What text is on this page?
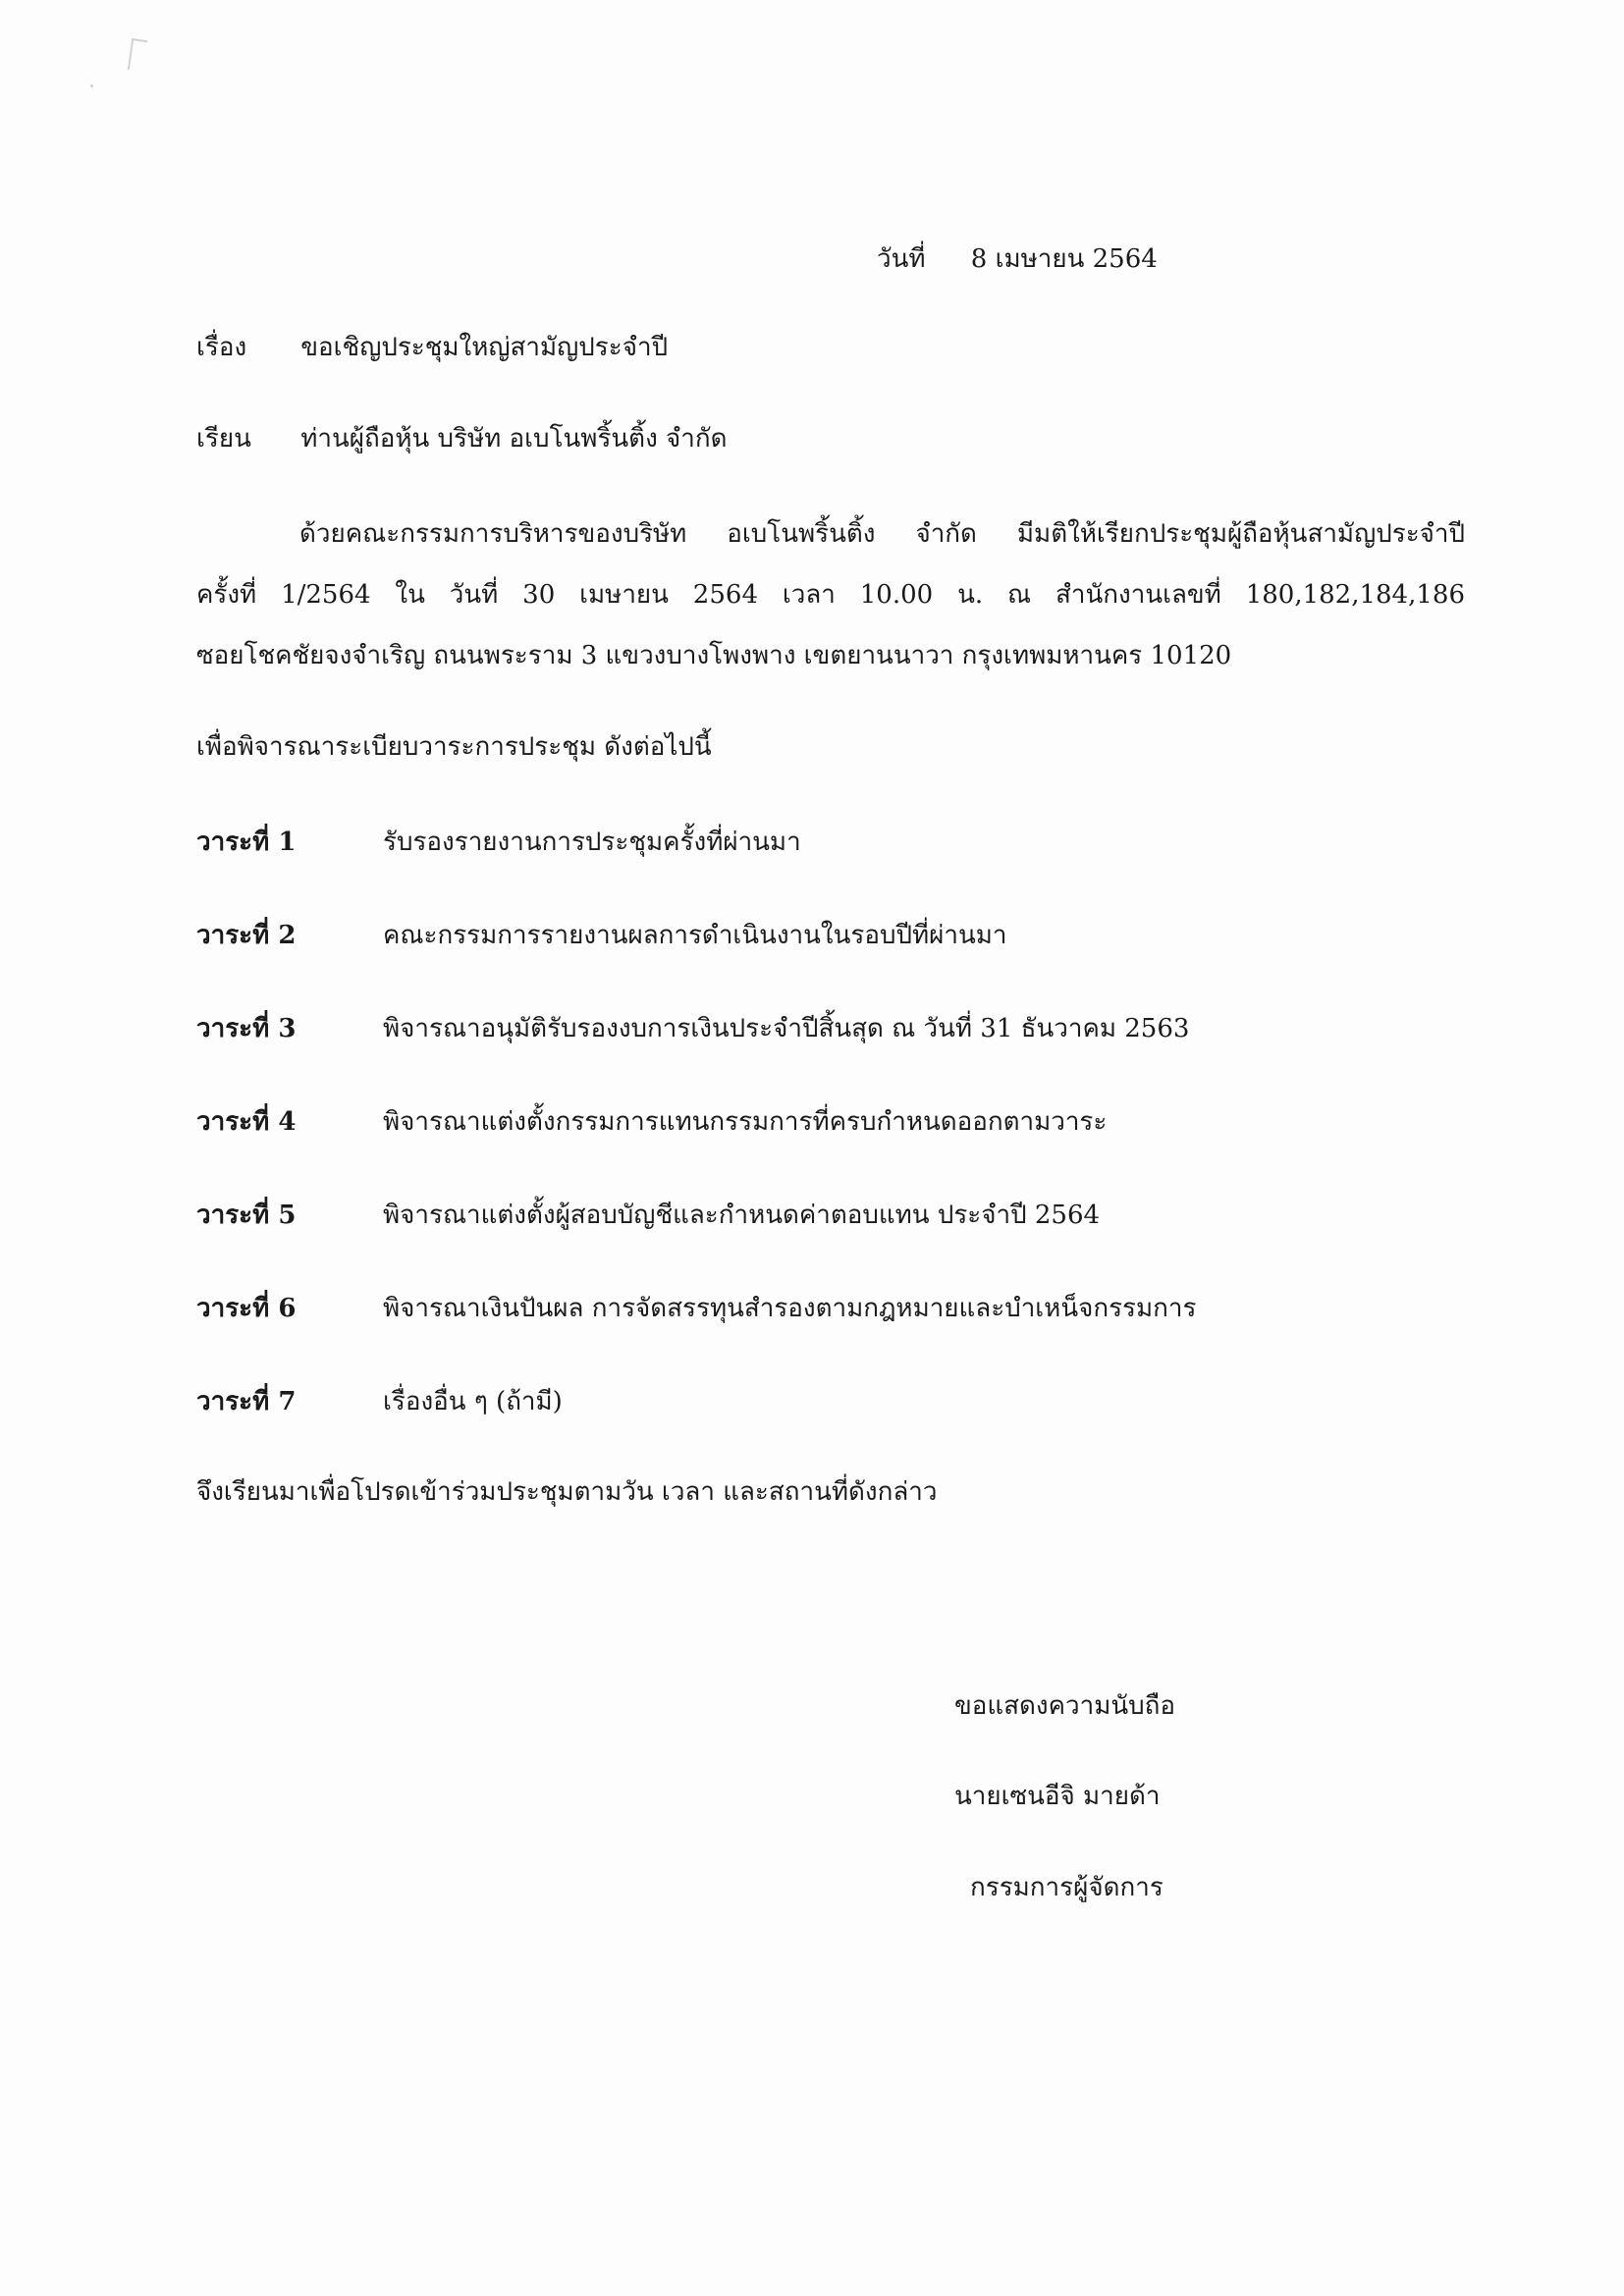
วันที่ 8 เมษายน 2564
เรื่อง ขอเชิญประชุมใหญ่สามัญประจำปี
เรียน ท่านผู้ถือหุ้น บริษัท อเบโนพริ้นติ้ง จำกัด
ด้วยคณะกรรมการบริหารของบริษัท อเบโนพริ้นติ้ง จำกัด มีมติให้เรียกประชุมผู้ถือหุ้นสามัญประจำปี
ครั้งที่ 1/2564 ใน วันที่ 30 เมษายน 2564 เวลา 10.00 น. ณ สำนักงานเลขที่ 180,182,184,186
ซอยโชคชัยจงจำเริญ ถนนพระราม 3 แขวงบางโพงพาง เขตยานนาวา กรุงเทพมหานคร 10120
เพื่อพิจารณาระเบียบวาระการประชุม ดังต่อไปนี้
วาระที่ 1	รับรองรายงานการประชุมครั้งที่ผ่านมา
วาระที่ 2	คณะกรรมการรายงานผลการดำเนินงานในรอบปีที่ผ่านมา
วาระที่ 3	พิจารณาอนุมัติรับรองงบการเงินประจำปีสิ้นสุด ณ วันที่ 31 ธันวาคม 2563
วาระที่ 4	พิจารณาแต่งตั้งกรรมการแทนกรรมการที่ครบกำหนดออกตามวาระ
วาระที่ 5	พิจารณาแต่งตั้งผู้สอบบัญชีและกำหนดค่าตอบแทน ประจำปี 2564
วาระที่ 6	พิจารณาเงินปันผล การจัดสรรทุนสำรองตามกฎหมายและบำเหน็จกรรมการ
วาระที่ 7	เรื่องอื่น ๆ (ถ้ามี)
จึงเรียนมาเพื่อโปรดเข้าร่วมประชุมตามวัน เวลา และสถานที่ดังกล่าว
ขอแสดงความนับถือ
นายเซนอีจิ มายด้า
กรรมการผู้จัดการ
